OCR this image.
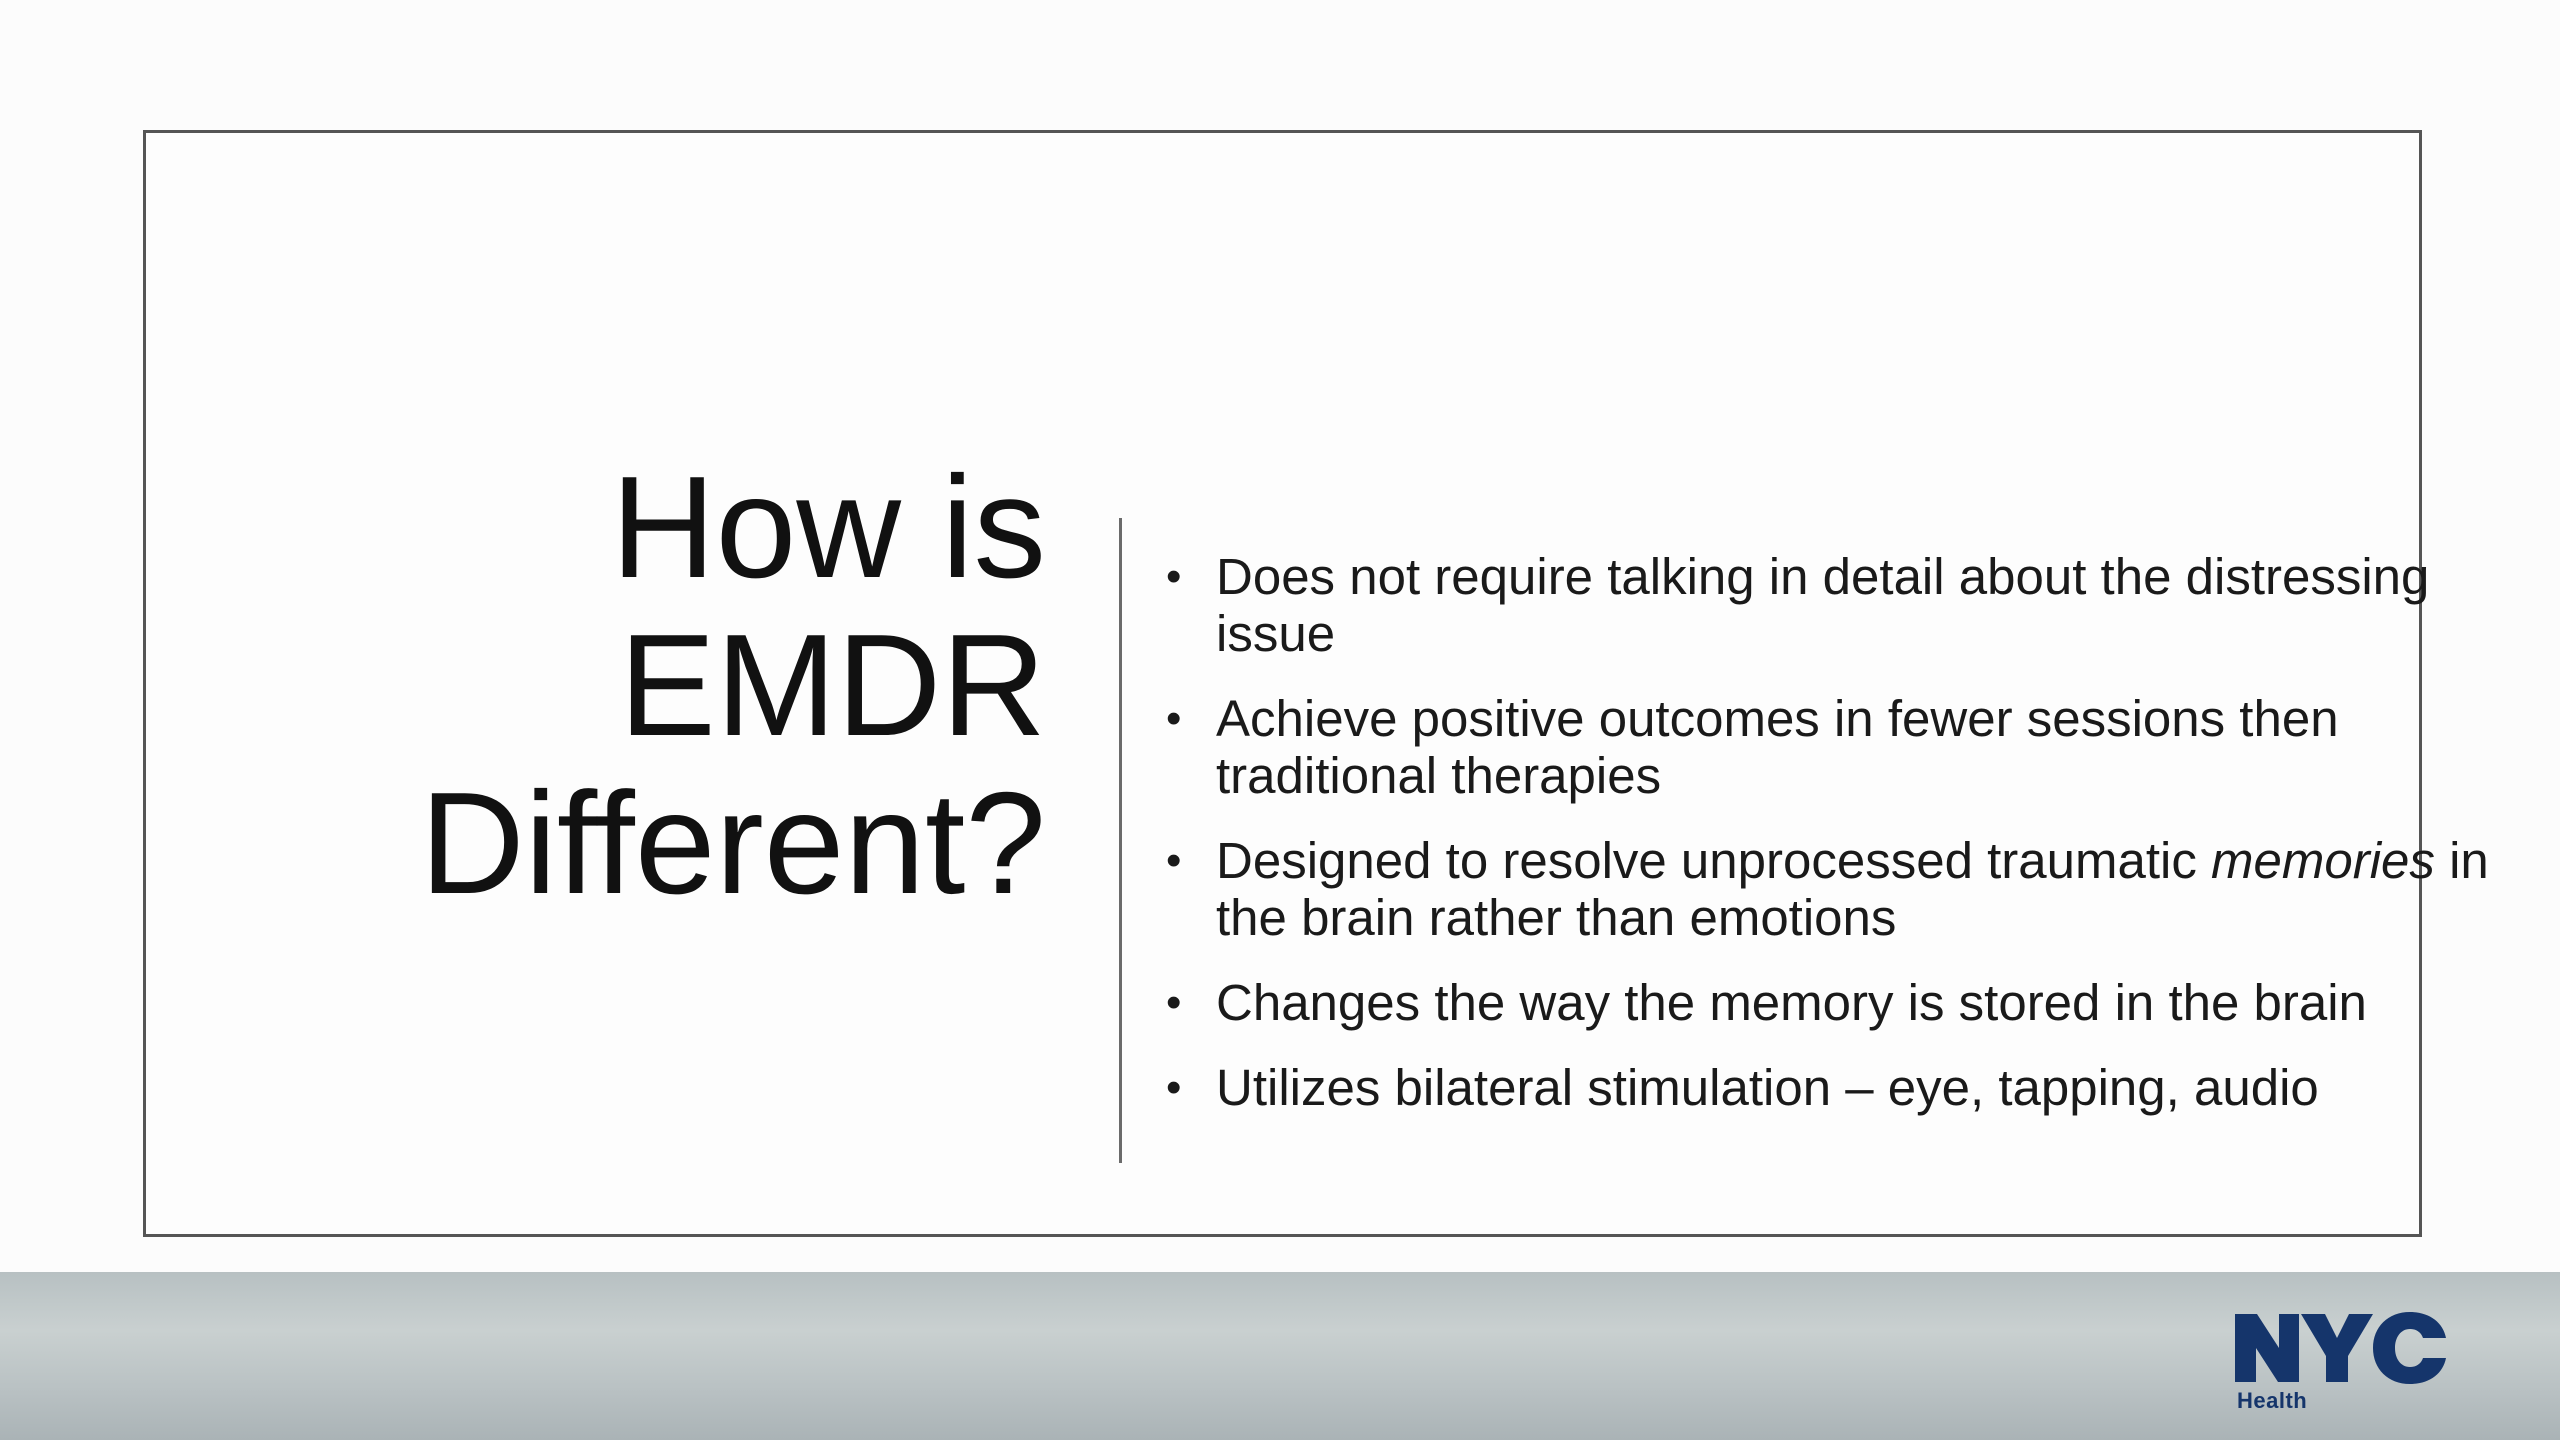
How is
EMDR
Different?
• Does not require talking in detail about the distressing issue
• Achieve positive outcomes in fewer sessions then traditional therapies
• Designed to resolve unprocessed traumatic memories in the brain rather than emotions
• Changes the way the memory is stored in the brain
• Utilizes bilateral stimulation – eye, tapping, audio
Health
